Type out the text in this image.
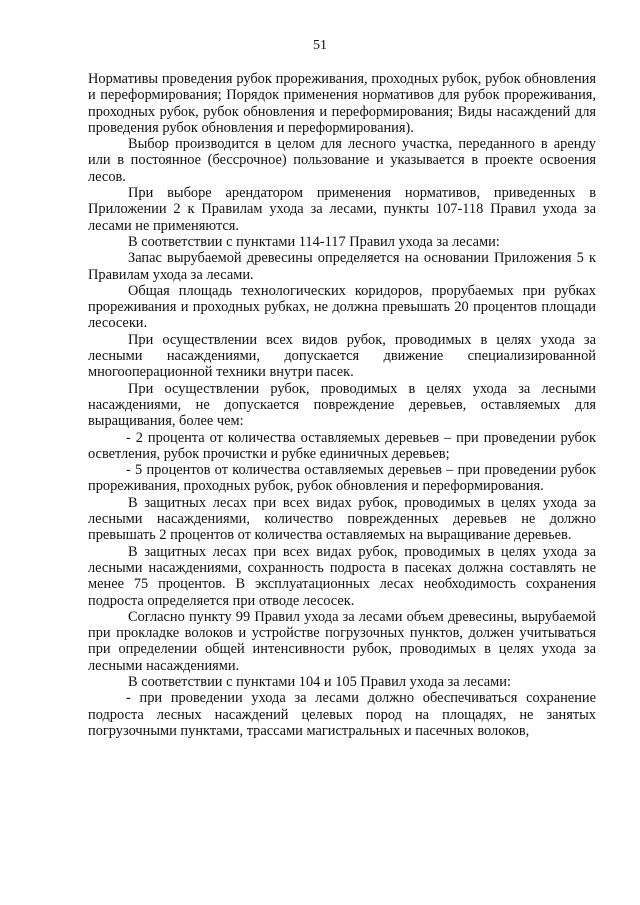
51

Нормативы проведения рубок прореживания, проходных рубок, рубок обновления и переформирования; Порядок применения нормативов для рубок прореживания, проходных рубок, рубок обновления и переформирования; Виды насаждений для проведения рубок обновления и переформирования).

Выбор производится в целом для лесного участка, переданного в аренду или в постоянное (бессрочное) пользование и указывается в проекте освоения лесов.

При выборе арендатором применения нормативов, приведенных в Приложении 2 к Правилам ухода за лесами, пункты 107-118 Правил ухода за лесами не применяются.

В соответствии с пунктами 114-117 Правил ухода за лесами:

Запас вырубаемой древесины определяется на основании Приложения 5 к Правилам ухода за лесами.

Общая площадь технологических коридоров, прорубаемых при рубках прореживания и проходных рубках, не должна превышать 20 процентов площади лесосеки.

При осуществлении всех видов рубок, проводимых в целях ухода за лесными насаждениями, допускается движение специализированной многооперационной техники внутри пасек.

При осуществлении рубок, проводимых в целях ухода за лесными насаждениями, не допускается повреждение деревьев, оставляемых для выращивания, более чем:

- 2 процента от количества оставляемых деревьев – при проведении рубок осветления, рубок прочистки и рубке единичных деревьев;

- 5 процентов от количества оставляемых деревьев – при проведении рубок прореживания, проходных рубок, рубок обновления и переформирования.

В защитных лесах при всех видах рубок, проводимых в целях ухода за лесными насаждениями, количество поврежденных деревьев не должно превышать 2 процентов от количества оставляемых на выращивание деревьев.

В защитных лесах при всех видах рубок, проводимых в целях ухода за лесными насаждениями, сохранность подроста в пасеках должна составлять не менее 75 процентов. В эксплуатационных лесах необходимость сохранения подроста определяется при отводе лесосек.

Согласно пункту 99 Правил ухода за лесами объем древесины, вырубаемой при прокладке волоков и устройстве погрузочных пунктов, должен учитываться при определении общей интенсивности рубок, проводимых в целях ухода за лесными насаждениями.

В соответствии с пунктами 104 и 105 Правил ухода за лесами:

- при проведении ухода за лесами должно обеспечиваться сохранение подроста лесных насаждений целевых пород на площадях, не занятых погрузочными пунктами, трассами магистральных и пасечных волоков,
